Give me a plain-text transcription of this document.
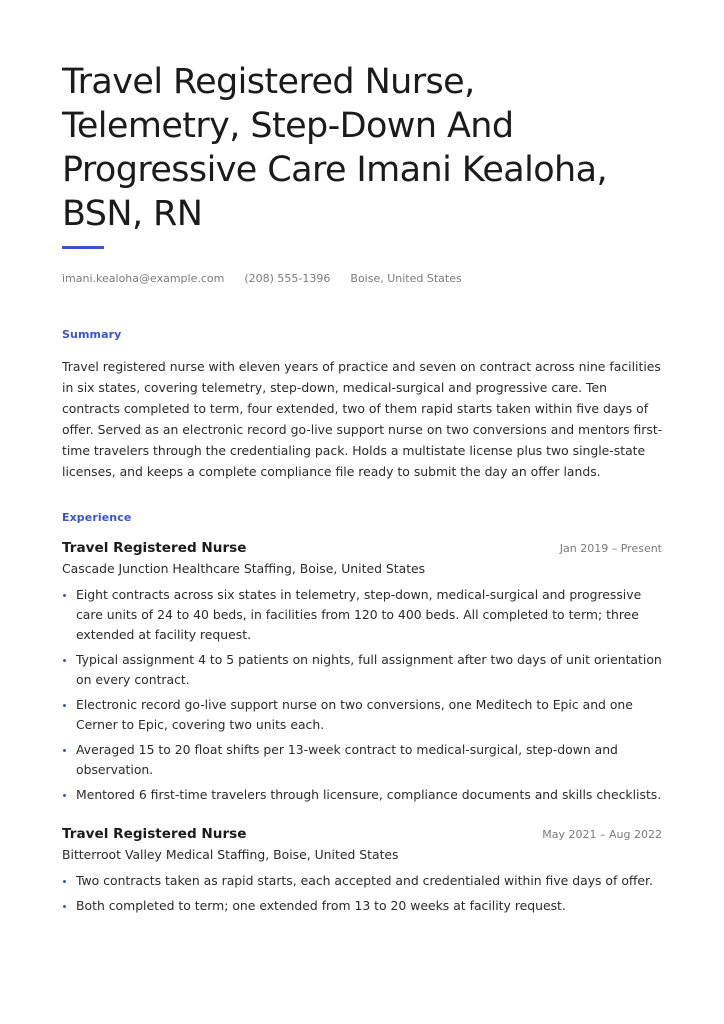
Travel Registered Nurse, Telemetry, Step-Down And Progressive Care Imani Kealoha, BSN, RN
imani.kealoha@example.com (208) 555-1396 Boise, United States
Summary

Travel registered nurse with eleven years of practice and seven on contract across nine facilities in six states, covering telemetry, step-down, medical-surgical and progressive care. Ten contracts completed to term, four extended, two of them rapid starts taken within five days of offer. Served as an electronic record go-live support nurse on two conversions and mentors first-time travelers through the credentialing pack. Holds a multistate license plus two single-state licenses, and keeps a complete compliance file ready to submit the day an offer lands.

Experience
Travel Registered Nurse	Jan 2019 – Present
Cascade Junction Healthcare Staffing, Boise, United States
Eight contracts across six states in telemetry, step-down, medical-surgical and progressive care units of 24 to 40 beds, in facilities from 120 to 400 beds. All completed to term; three extended at facility request.
Typical assignment 4 to 5 patients on nights, full assignment after two days of unit orientation on every contract.
Electronic record go-live support nurse on two conversions, one Meditech to Epic and one Cerner to Epic, covering two units each.
Averaged 15 to 20 float shifts per 13-week contract to medical-surgical, step-down and observation.
Mentored 6 first-time travelers through licensure, compliance documents and skills checklists.
Travel Registered Nurse	May 2021 – Aug 2022
Bitterroot Valley Medical Staffing, Boise, United States
Two contracts taken as rapid starts, each accepted and credentialed within five days of offer.
Both completed to term; one extended from 13 to 20 weeks at facility request.
